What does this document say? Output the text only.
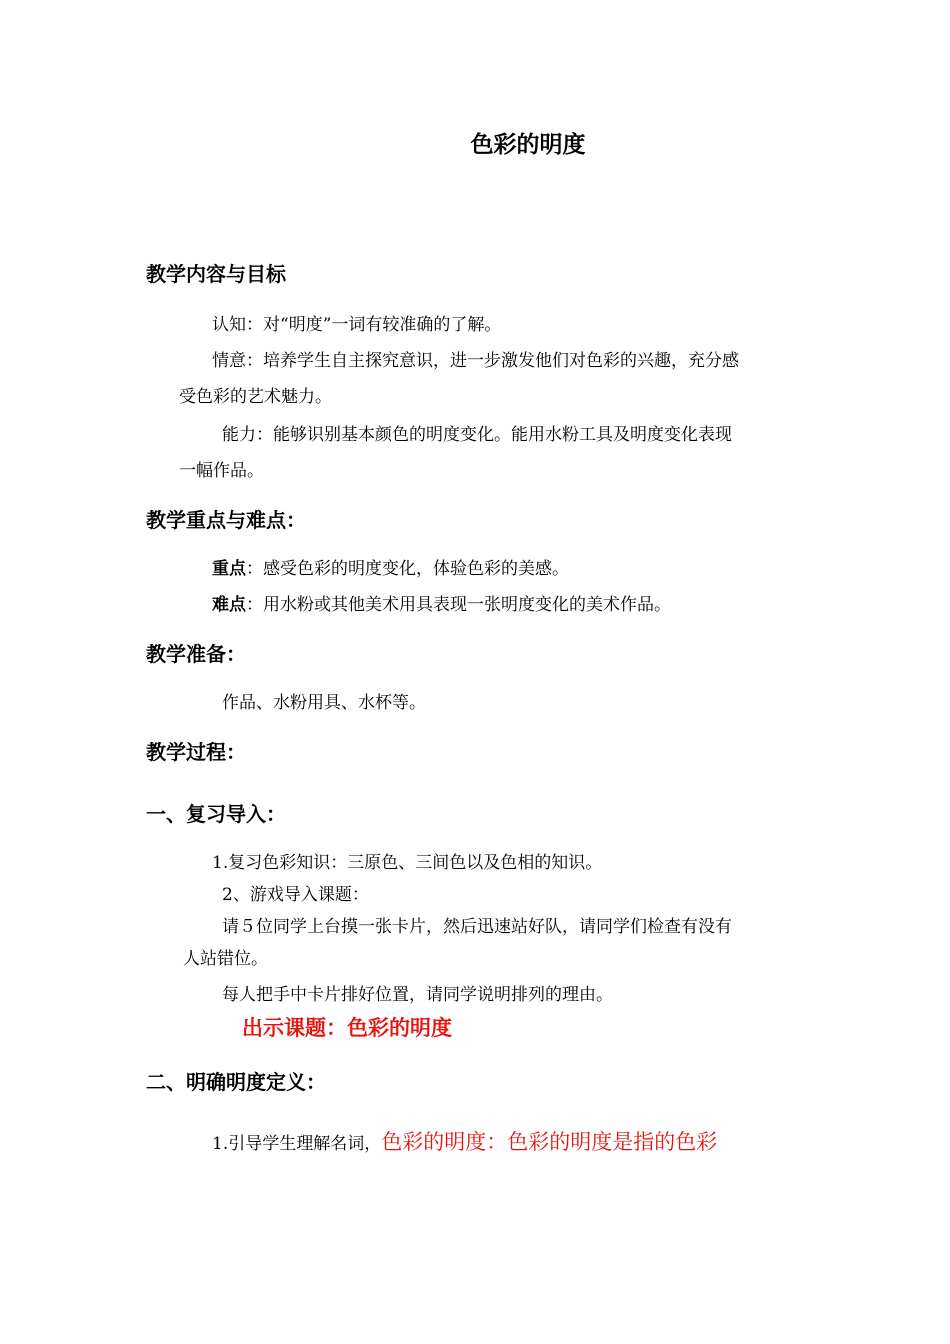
色彩的明度
教学内容与目标
认知：对“明度”一词有较准确的了解。
情意：培养学生自主探究意识，进一步激发他们对色彩的兴趣，充分感
受色彩的艺术魅力。
能力：能够识别基本颜色的明度变化。能用水粉工具及明度变化表现
一幅作品。
教学重点与难点：
重点：感受色彩的明度变化，体验色彩的美感。
难点：用水粉或其他美术用具表现一张明度变化的美术作品。
教学准备：
作品、水粉用具、水杯等。
教学过程：
一、复习导入：
1.复习色彩知识：三原色、三间色以及色相的知识。
2、游戏导入课题：
请５位同学上台摸一张卡片，然后迅速站好队，请同学们检查有没有
人站错位。
每人把手中卡片排好位置，请同学说明排列的理由。
出示课题：色彩的明度
二、明确明度定义：
1.引导学生理解名词，色彩的明度：色彩的明度是指的色彩
